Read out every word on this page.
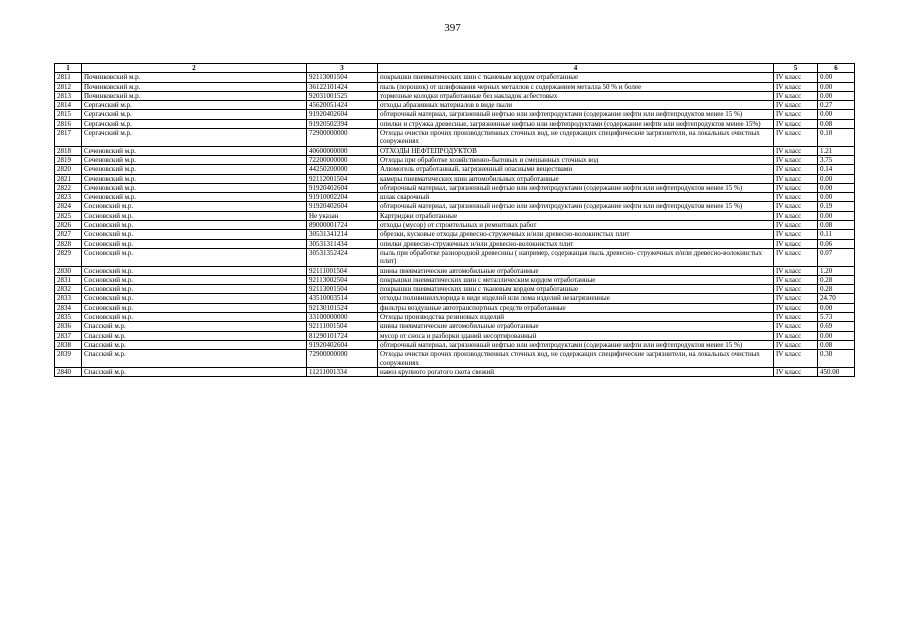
397
1	2	3	4	5	6
2811	Починковский м.р.	92113001504	покрышки пневматических шин с тканевым кордом отработанные	IV класс	0.00
2812	Починковский м.р.	36122101424	пыль (порошок) от шлифования черных металлов с содержанием металла 50 % и более	IV класс	0.00
2813	Починковский м.р.	92031001525	тормозные колодки отработанные без накладок асбестовых	IV класс	0.00
2814	Сергачский м.р.	45620051424	отходы абразивных материалов в виде пыли	IV класс	0.27
2815	Сергачский м.р.	91920402604	обтирочный материал, загрязненный нефтью или нефтепродуктами (содержание нефти или нефтепродуктов менее 15 %)	IV класс	0.00
2816	Сергачский м.р.	91920502394	опилки и стружка древесные, загрязненные нефтью или нефтепродуктами (содержание нефти или нефтепродуктов менее 15%)	IV класс	0.08
2817	Сергачский м.р.	72900000000	Отходы очистки прочих производственных сточных вод, не содержащих специфические загрязнители, на локальных очистных сооружениях	IV класс	0.10
2818	Сеченовский м.р.	40600000000	ОТХОДЫ НЕФТЕПРОДУКТОВ	IV класс	1.21
2819	Сеченовский м.р.	72200000000	Отходы при обработке хозяйственно-бытовых и смешанных сточных вод	IV класс	3.75
2820	Сеченовский м.р.	44250200000	Алюмогель отработанный, загрязненный опасными веществами	IV класс	0.14
2821	Сеченовский м.р.	92112001504	камеры пневматических шин автомобильных отработанные	IV класс	0.00
2822	Сеченовский м.р.	91920402604	обтирочный материал, загрязненный нефтью или нефтепродуктами (содержание нефти или нефтепродуктов менее 15 %)	IV класс	0.00
2823	Сеченовский м.р.	91910002204	шлак сварочный	IV класс	0.00
2824	Сосновский м.р.	91920402604	обтирочный материал, загрязненный нефтью или нефтепродуктами (содержание нефти или нефтепродуктов менее 15 %)	IV класс	0.19
2825	Сосновский м.р.	Не указан	Картриджи отработанные	IV класс	0.00
2826	Сосновский м.р.	89000001724	отходы (мусор) от строительных и ремонтных работ	IV класс	0.08
2827	Сосновский м.р.	30531341214	обрезки, кусковые отходы древесно-стружечных и/или древесно-волокнистых плит	IV класс	0.11
2828	Сосновский м.р.	30531311434	опилки древесно-стружечных и/или древесно-волокнистых плит	IV класс	0.06
2829	Сосновский м.р.	30531352424	пыль при обработке разнородной древесины ( например, содержащая пыль древесно- стружечных и/или древесно-волокнистых плит)	IV класс	0.07
2830	Сосновский м.р.	92111001504	шины пневматические автомобильные отработанные	IV класс	1.20
2831	Сосновский м.р.	92113002504	покрышки пневматических шин с металлическим кордом отработанные	IV класс	0.28
2832	Сосновский м.р.	92113001504	покрышки пневматических шин с тканевым кордом отработанные	IV класс	0.28
2833	Сосновский м.р.	43510003514	отходы поливинилхлорида в виде изделий или лома изделий незагрязненные	IV класс	24.70
2834	Сосновский м.р.	92130101524	фильтры воздушные автотранспортных средств отработанные	IV класс	0.00
2835	Сосновский м.р.	33100000000	Отходы производства резиновых изделий	IV класс	5.73
2836	Спасский м.р.	92111001504	шины пневматические автомобильные отработанные	IV класс	0.69
2837	Спасский м.р.	81290101724	мусор от сноса и разборки зданий несортированный	IV класс	0.00
2838	Спасский м.р.	91920402604	обтирочный материал, загрязненный нефтью или нефтепродуктами (содержание нефти или нефтепродуктов менее 15 %)	IV класс	0.08
2839	Спасский м.р.	72900000000	Отходы очистки прочих производственных сточных вод, не содержащих специфические загрязнители, на локальных очистных сооружениях	IV класс	0.30
2840	Спасский м.р.	11211001334	навоз крупного рогатого скота свежий	IV класс	450.00
